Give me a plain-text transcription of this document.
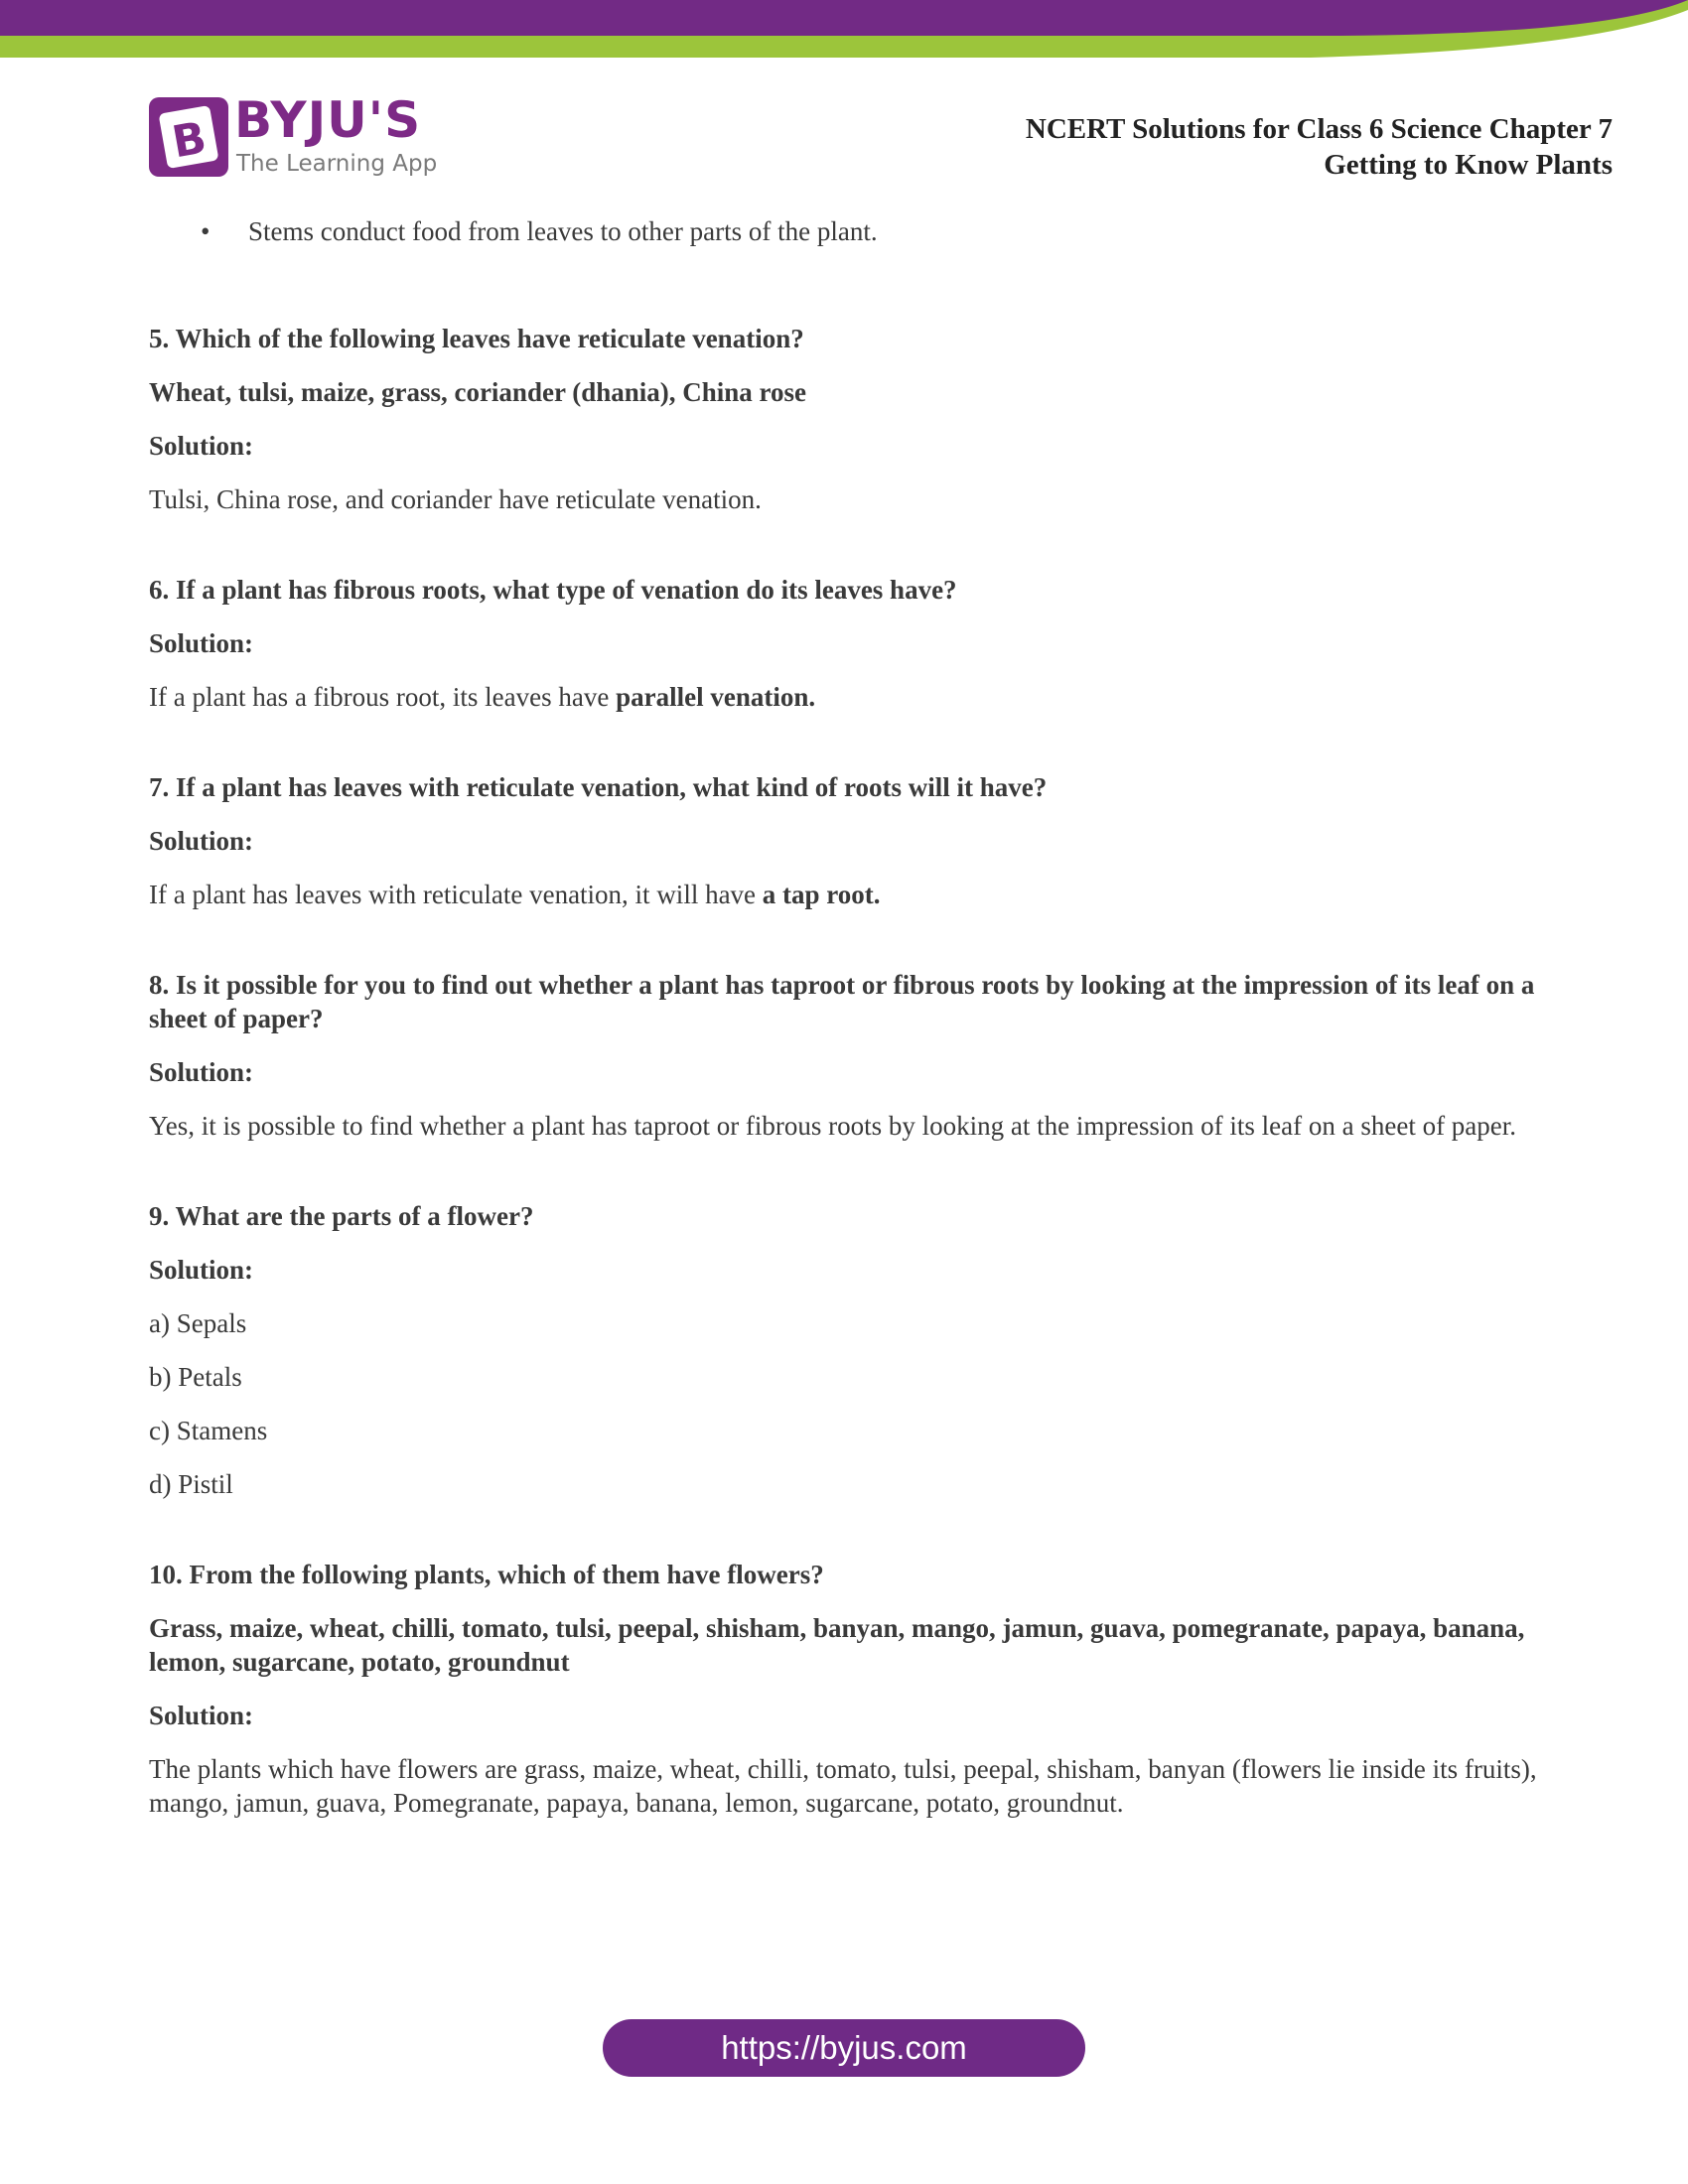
B BYJU'S
The Learning App
NCERT Solutions for Class 6 Science Chapter 7
Getting to Know Plants
• Stems conduct food from leaves to other parts of the plant.

5. Which of the following leaves have reticulate venation?

Wheat, tulsi, maize, grass, coriander (dhania), China rose

Solution:

Tulsi, China rose, and coriander have reticulate venation.

6. If a plant has fibrous roots, what type of venation do its leaves have?

Solution:

If a plant has a fibrous root, its leaves have parallel venation.

7. If a plant has leaves with reticulate venation, what kind of roots will it have?

Solution:

If a plant has leaves with reticulate venation, it will have a tap root.

8. Is it possible for you to find out whether a plant has taproot or fibrous roots by looking at the impression of its leaf on a sheet of paper?

Solution:

Yes, it is possible to find whether a plant has taproot or fibrous roots by looking at the impression of its leaf on a sheet of paper.

9. What are the parts of a flower?

Solution:

a) Sepals

b) Petals

c) Stamens

d) Pistil

10. From the following plants, which of them have flowers?

Grass, maize, wheat, chilli, tomato, tulsi, peepal, shisham, banyan, mango, jamun, guava, pomegranate, papaya, banana, lemon, sugarcane, potato, groundnut

Solution:

The plants which have flowers are grass, maize, wheat, chilli, tomato, tulsi, peepal, shisham, banyan (flowers lie inside its fruits), mango, jamun, guava, Pomegranate, papaya, banana, lemon, sugarcane, potato, groundnut.

https://byjus.com
